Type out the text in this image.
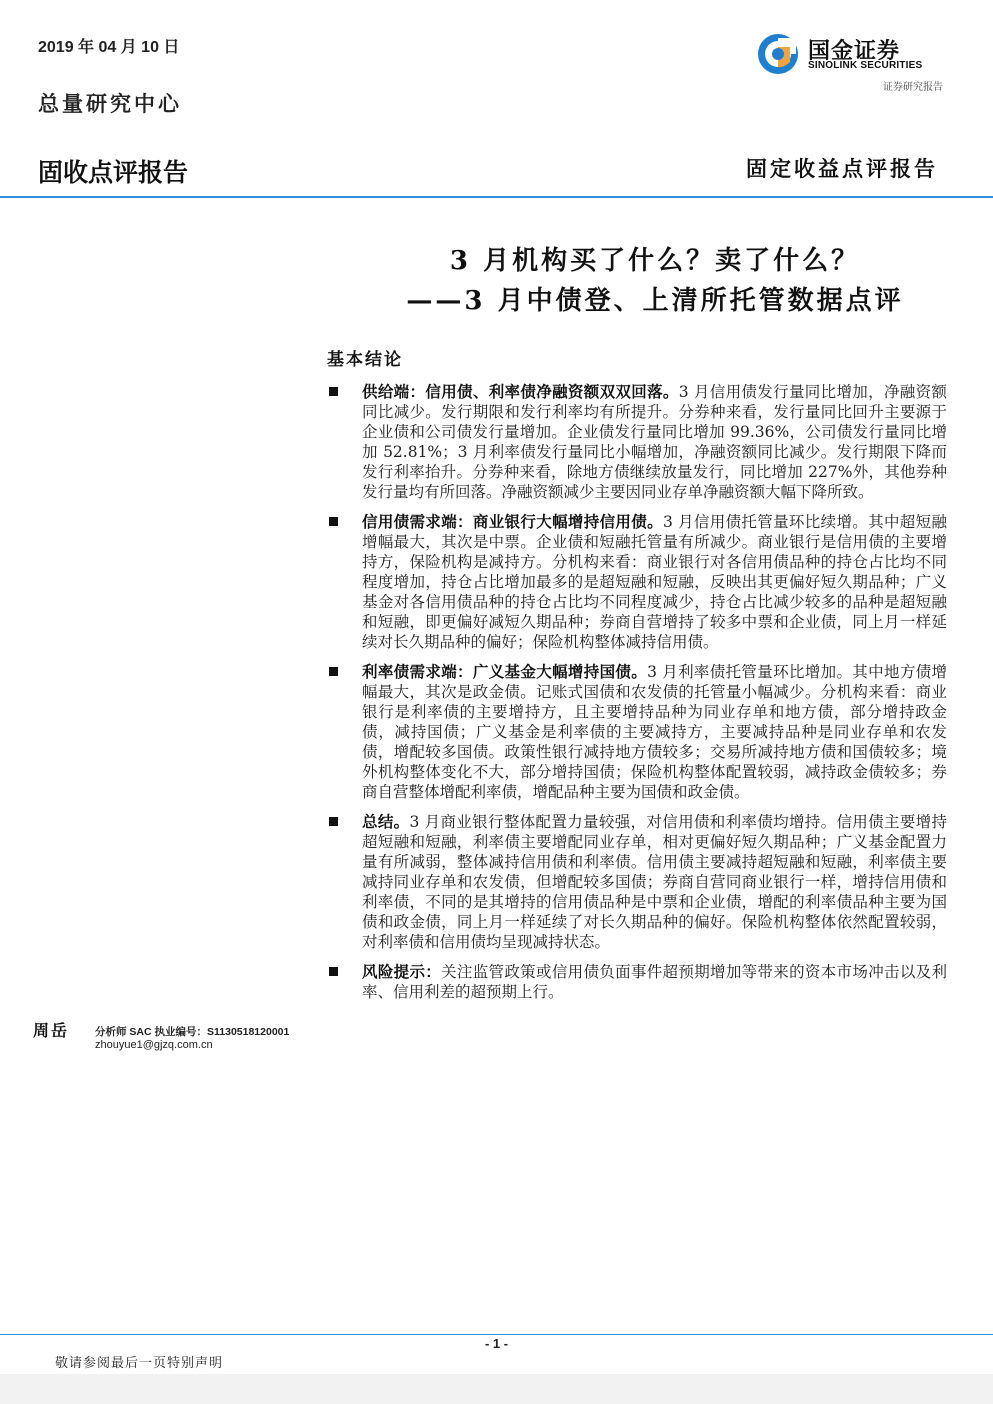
2019 年 04 月 10 日
总量研究中心
国金证券
SINOLINK SECURITIES
证券研究报告
固收点评报告	固定收益点评报告
3 月机构买了什么？卖了什么？
——3 月中债登、上清所托管数据点评
基本结论
供给端：信用债、利率债净融资额双双回落。3 月信用债发行量同比增加，净融资额同比减少。发行期限和发行利率均有所提升。分券种来看，发行量同比回升主要源于企业债和公司债发行量增加。企业债发行量同比增加 99.36%，公司债发行量同比增加 52.81%；3 月利率债发行量同比小幅增加，净融资额同比减少。发行期限下降而发行利率抬升。分券种来看，除地方债继续放量发行，同比增加 227%外，其他券种发行量均有所回落。净融资额减少主要因同业存单净融资额大幅下降所致。
信用债需求端：商业银行大幅增持信用债。3 月信用债托管量环比续增。其中超短融增幅最大，其次是中票。企业债和短融托管量有所减少。商业银行是信用债的主要增持方，保险机构是减持方。分机构来看：商业银行对各信用债品种的持仓占比均不同程度增加，持仓占比增加最多的是超短融和短融，反映出其更偏好短久期品种；广义基金对各信用债品种的持仓占比均不同程度减少，持仓占比减少较多的品种是超短融和短融，即更偏好减短久期品种；券商自营增持了较多中票和企业债，同上月一样延续对长久期品种的偏好；保险机构整体减持信用债。
利率债需求端：广义基金大幅增持国债。3 月利率债托管量环比增加。其中地方债增幅最大，其次是政金债。记账式国债和农发债的托管量小幅减少。分机构来看：商业银行是利率债的主要增持方，且主要增持品种为同业存单和地方债，部分增持政金债，减持国债；广义基金是利率债的主要减持方，主要减持品种是同业存单和农发债，增配较多国债。政策性银行减持地方债较多；交易所减持地方债和国债较多；境外机构整体变化不大，部分增持国债；保险机构整体配置较弱，减持政金债较多；券商自营整体增配利率债，增配品种主要为国债和政金债。
总结。3 月商业银行整体配置力量较强，对信用债和利率债均增持。信用债主要增持超短融和短融，利率债主要增配同业存单，相对更偏好短久期品种；广义基金配置力量有所减弱，整体减持信用债和利率债。信用债主要减持超短融和短融，利率债主要减持同业存单和农发债，但增配较多国债；券商自营同商业银行一样，增持信用债和利率债，不同的是其增持的信用债品种是中票和企业债，增配的利率债品种主要为国债和政金债，同上月一样延续了对长久期品种的偏好。保险机构整体依然配置较弱，对利率债和信用债均呈现减持状态。
风险提示：关注监管政策或信用债负面事件超预期增加等带来的资本市场冲击以及利率、信用利差的超预期上行。
周岳 分析师 SAC 执业编号：S1130518120001
zhouyue1@gjzq.com.cn
- 1 -
敬请参阅最后一页特别声明
